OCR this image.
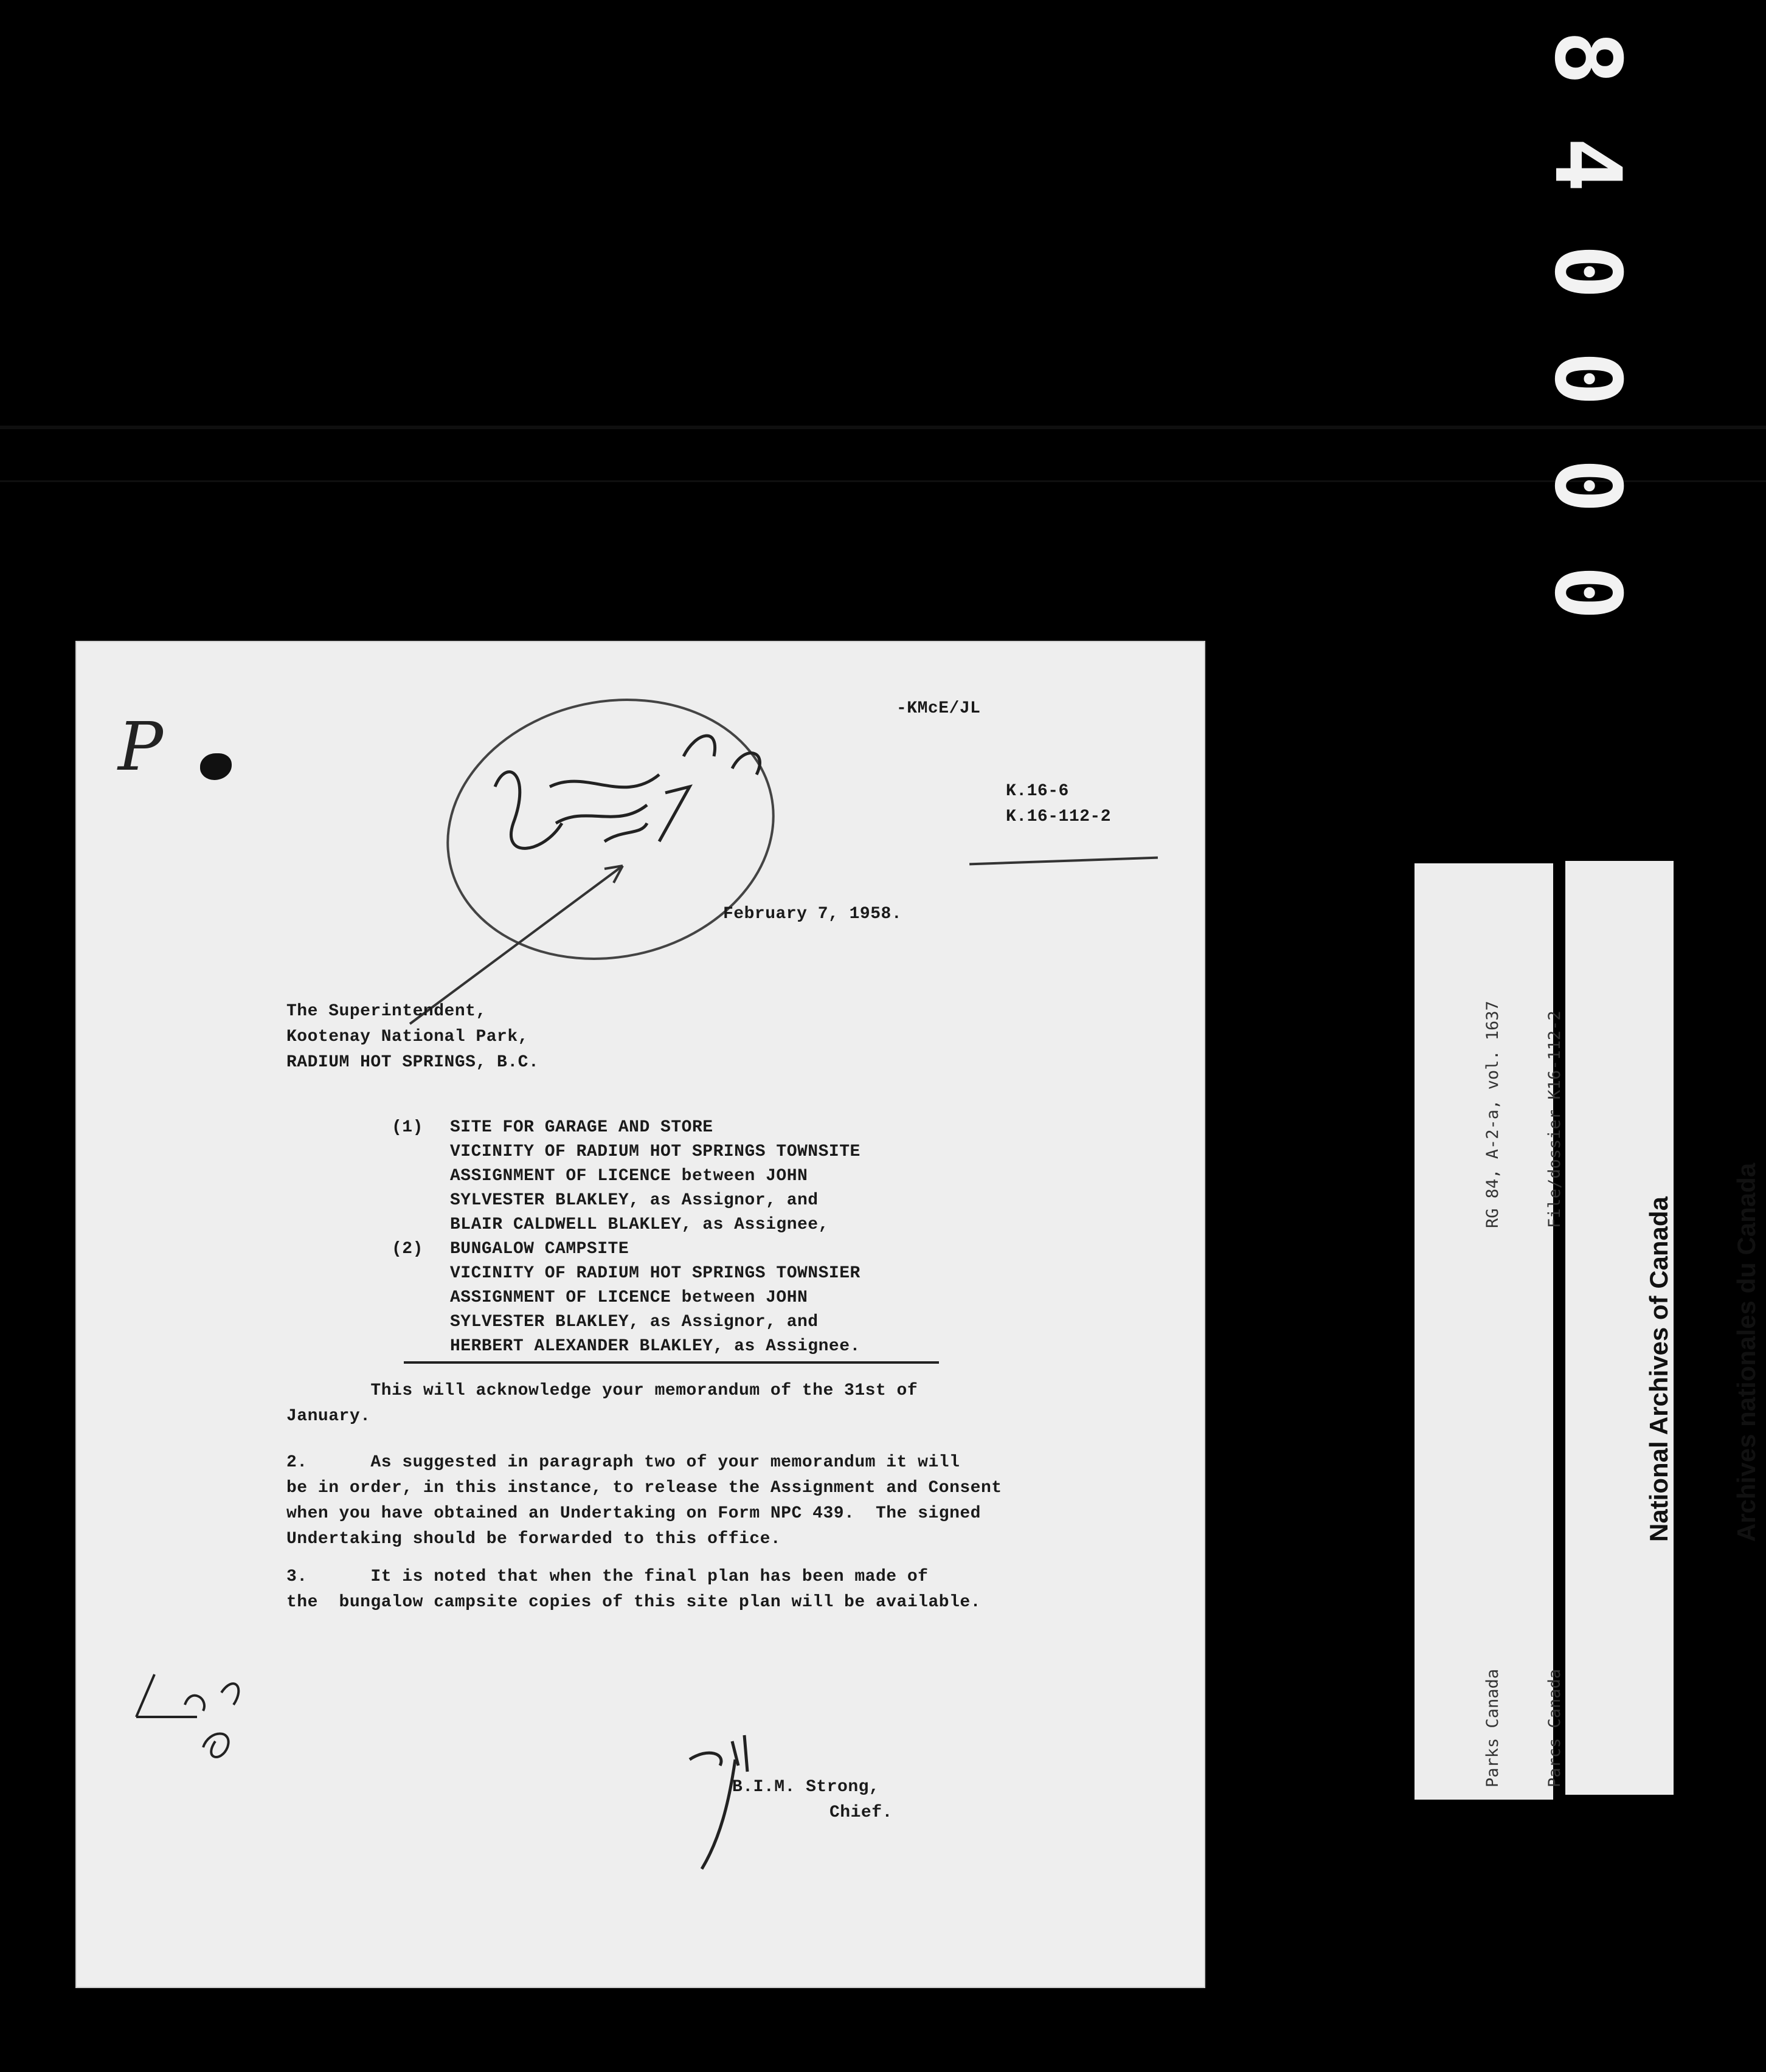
8
4
0
0
0
0
P	-KMcE/JL
K.16-6
K.16-112-2
February 7, 1958.
The Superintendent,
Kootenay National Park,
RADIUM HOT SPRINGS, B.C.
(1) SITE FOR GARAGE AND STORE
VICINITY OF RADIUM HOT SPRINGS TOWNSITE
ASSIGNMENT OF LICENCE between JOHN
SYLVESTER BLAKLEY, as Assignor, and
BLAIR CALDWELL BLAKLEY, as Assignee,
(2) BUNGALOW CAMPSITE
VICINITY OF RADIUM HOT SPRINGS TOWNSIER
ASSIGNMENT OF LICENCE between JOHN
SYLVESTER BLAKLEY, as Assignor, and
HERBERT ALEXANDER BLAKLEY, as Assignee.
This will acknowledge your memorandum of the 31st of
January.
2.      As suggested in paragraph two of your memorandum it will
be in order, in this instance, to release the Assignment and Consent
when you have obtained an Undertaking on Form NPC 439.  The signed
Undertaking should be forwarded to this office.
3.      It is noted that when the final plan has been made of
the  bungalow campsite copies of this site plan will be available.
B.I.M. Strong,
Chief.

RG 84, A-2-a, vol. 1637

	File/dossier K16-112-2

Parks Canada

	Parcs Canada

National Archives of Canada

Archives nationales du Canada
